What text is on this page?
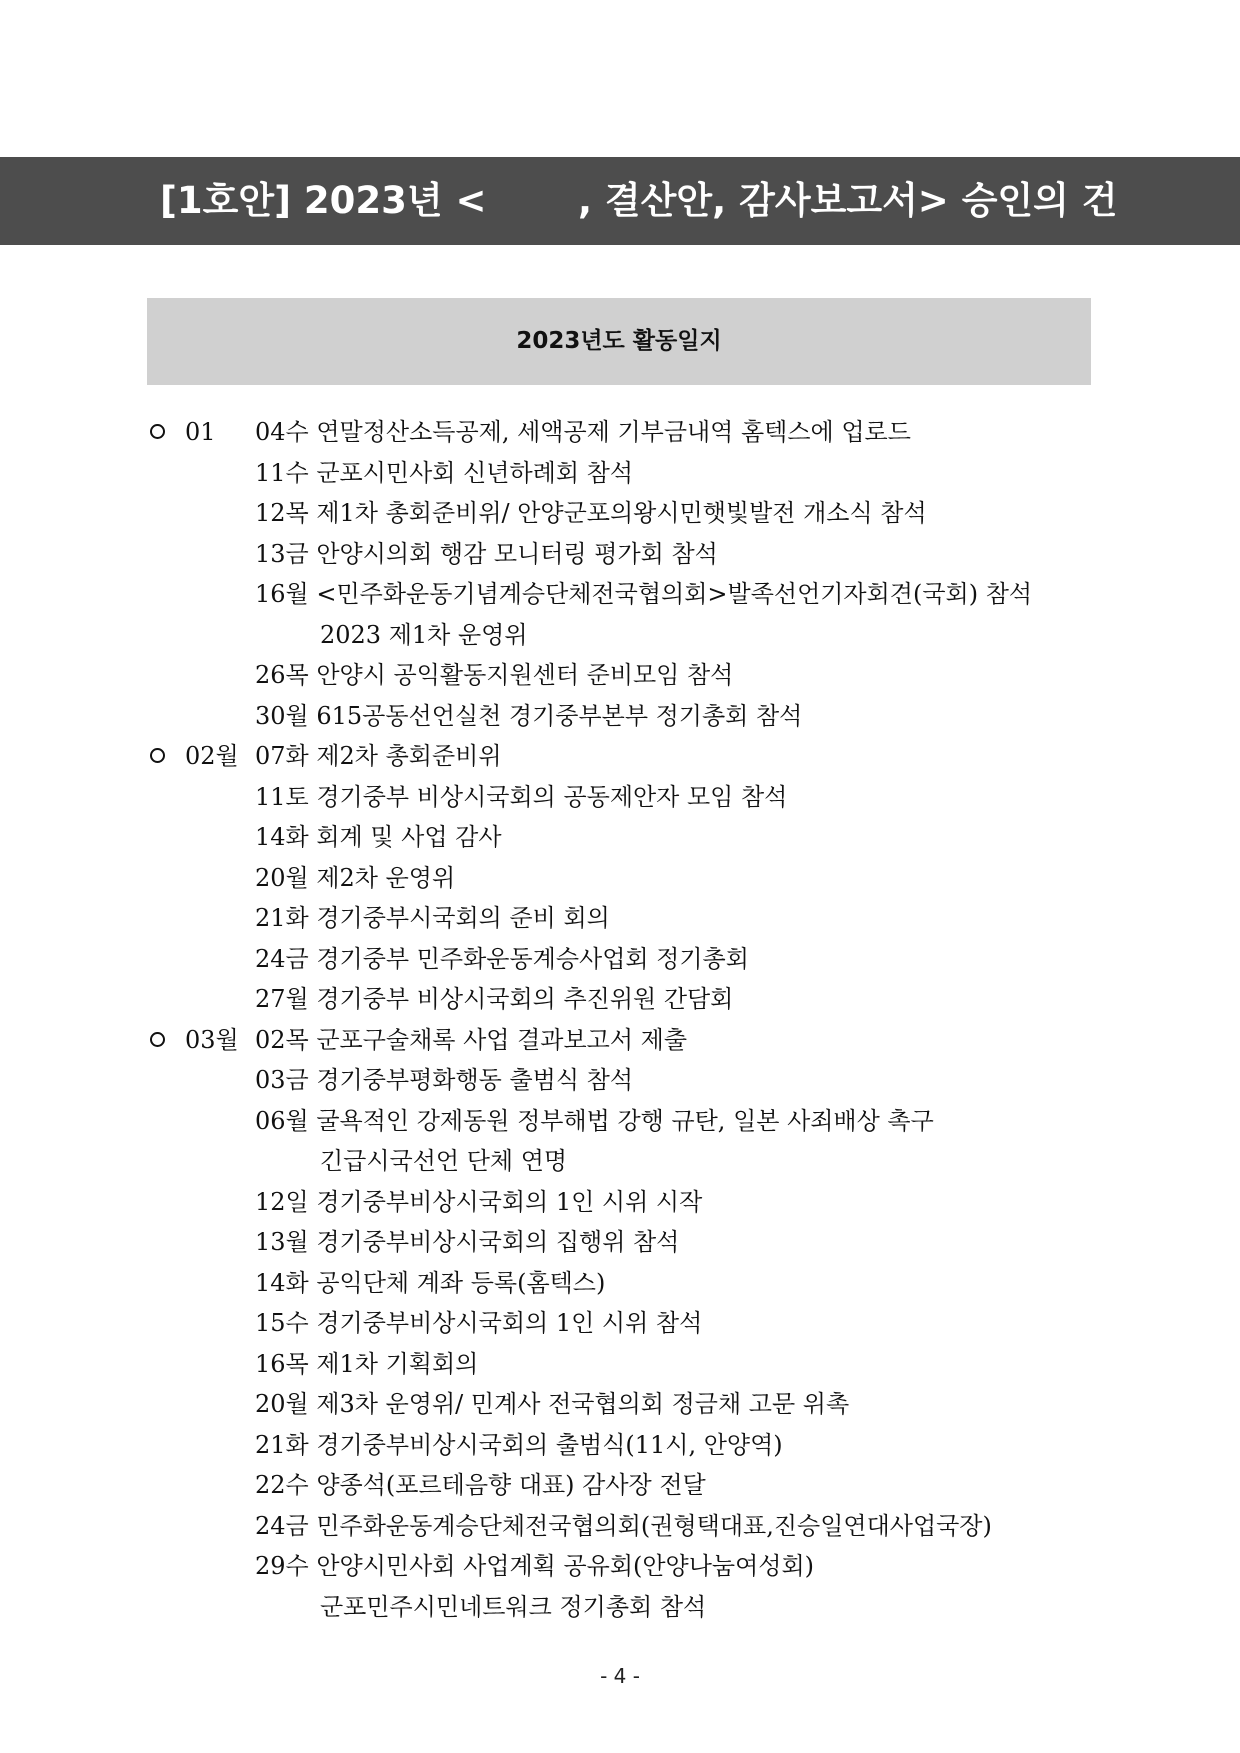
[1호안] 2023년 <

, 결산안, 감사보고서> 승인의 건

2023년도 활동일지
01 04수 연말정산소득공제, 세액공제 기부금내역 홈텍스에 업로드
11수 군포시민사회 신년하례회 참석
12목 제1차 총회준비위/ 안양군포의왕시민햇빛발전 개소식 참석
13금 안양시의회 행감 모니터링 평가회 참석
16월 <민주화운동기념계승단체전국협의회>발족선언기자회견(국회) 참석
2023 제1차 운영위
26목 안양시 공익활동지원센터 준비모임 참석
30월 615공동선언실천 경기중부본부 정기총회 참석
02월 07화 제2차 총회준비위
11토 경기중부 비상시국회의 공동제안자 모임 참석
14화 회계 및 사업 감사
20월 제2차 운영위
21화 경기중부시국회의 준비 회의
24금 경기중부 민주화운동계승사업회 정기총회
27월 경기중부 비상시국회의 추진위원 간담회
03월 02목 군포구술채록 사업 결과보고서 제출
03금 경기중부평화행동 출범식 참석
06월 굴욕적인 강제동원 정부해법 강행 규탄, 일본 사죄배상 촉구
긴급시국선언 단체 연명
12일 경기중부비상시국회의 1인 시위 시작
13월 경기중부비상시국회의 집행위 참석
14화 공익단체 계좌 등록(홈텍스)
15수 경기중부비상시국회의 1인 시위 참석
16목 제1차 기획회의
20월 제3차 운영위/ 민계사 전국협의회 정금채 고문 위촉
21화 경기중부비상시국회의 출범식(11시, 안양역)
22수 양종석(포르테음향 대표) 감사장 전달
24금 민주화운동계승단체전국협의회(권형택대표,진승일연대사업국장)
29수 안양시민사회 사업계획 공유회(안양나눔여성회)
군포민주시민네트워크 정기총회 참석
- 4 -
